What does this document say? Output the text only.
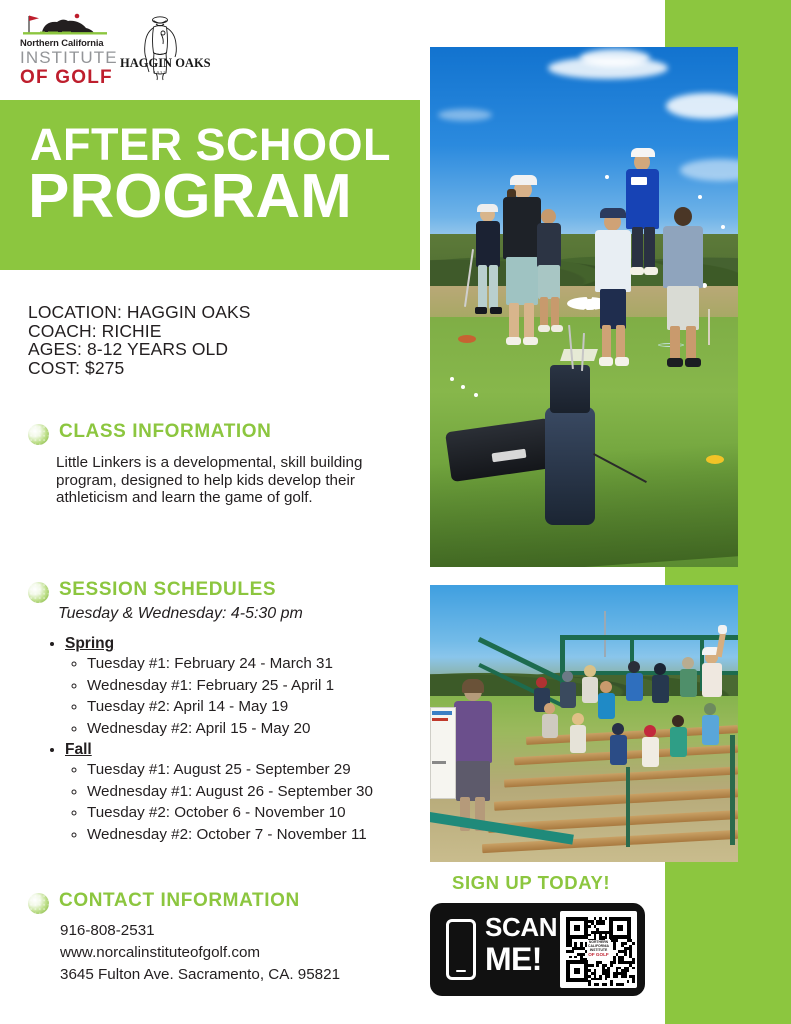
Northern California
INSTITUTE
OF GOLF
HAGGIN OAKS
1932
AFTER SCHOOL
PROGRAM
LOCATION: HAGGIN OAKS
COACH: RICHIE
AGES: 8-12 YEARS OLD
COST: $275
CLASS INFORMATION
Little Linkers is a developmental, skill building program, designed to help kids develop their athleticism and learn the game of golf.
SESSION SCHEDULES
Tuesday & Wednesday: 4-5:30 pm
• Spring
◦ Tuesday #1: February 24 - March 31
◦ Wednesday #1: February 25 - April 1
◦ Tuesday #2: April 14 - May 19
◦ Wednesday #2: April 15 - May 20
• Fall
◦ Tuesday #1: August 25 - September 29
◦ Wednesday #1: August 26 - September 30
◦ Tuesday #2: October 6 - November 10
◦ Wednesday #2: October 7 - November 11
CONTACT INFORMATION
916-808-2531
www.norcalinstituteofgolf.com
3645 Fulton Ave. Sacramento, CA. 95821
SIGN UP TODAY!
SCAN
ME!	NORTHERN CALIFORNIA INSTITUTE
OF GOLF
